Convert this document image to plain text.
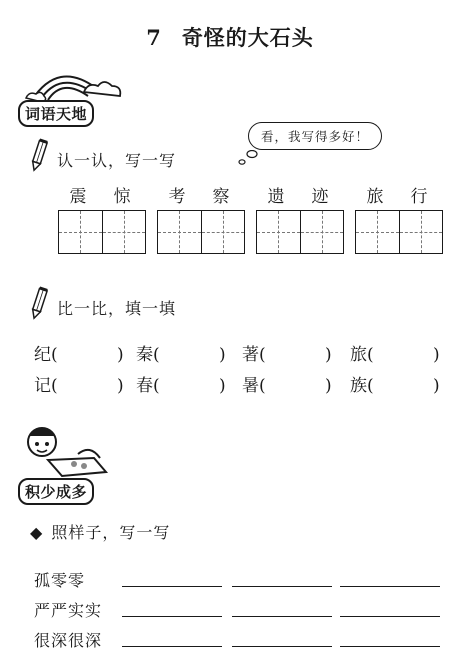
7 奇怪的大石头
词语天地
看，我写得多好！
认一认，写一写
震	惊	考	察	遗	迹	旅	行
比一比，填一填
纪(	) 秦(	) 著(	) 旅(	)
记(	) 春(	) 暑(	) 族(	)
积少成多
◆ 照样子，写一写
孤零零
严严实实
很深很深
